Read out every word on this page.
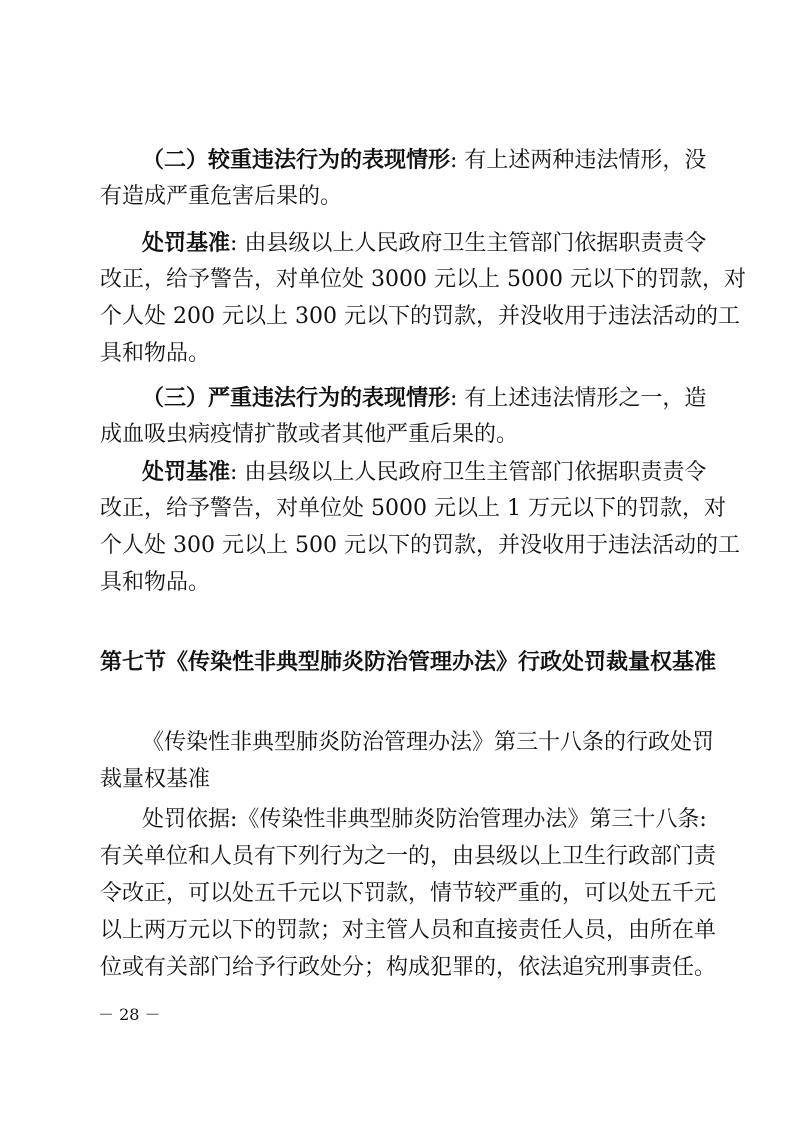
（二）较重违法行为的表现情形: 有上述两种违法情形，没
有造成严重危害后果的。
处罚基准: 由县级以上人民政府卫生主管部门依据职责责令
改正，给予警告，对单位处 3000 元以上 5000 元以下的罚款，对
个人处 200 元以上 300 元以下的罚款，并没收用于违法活动的工
具和物品。
（三）严重违法行为的表现情形: 有上述违法情形之一，造
成血吸虫病疫情扩散或者其他严重后果的。
处罚基准: 由县级以上人民政府卫生主管部门依据职责责令
改正，给予警告，对单位处 5000 元以上 1 万元以下的罚款，对
个人处 300 元以上 500 元以下的罚款，并没收用于违法活动的工
具和物品。
第七节《传染性非典型肺炎防治管理办法》行政处罚裁量权基准
《传染性非典型肺炎防治管理办法》第三十八条的行政处罚
裁量权基准
处罚依据:《传染性非典型肺炎防治管理办法》第三十八条:
有关单位和人员有下列行为之一的，由县级以上卫生行政部门责
令改正，可以处五千元以下罚款，情节较严重的，可以处五千元
以上两万元以下的罚款；对主管人员和直接责任人员，由所在单
位或有关部门给予行政处分；构成犯罪的，依法追究刑事责任。
－ 28 －
